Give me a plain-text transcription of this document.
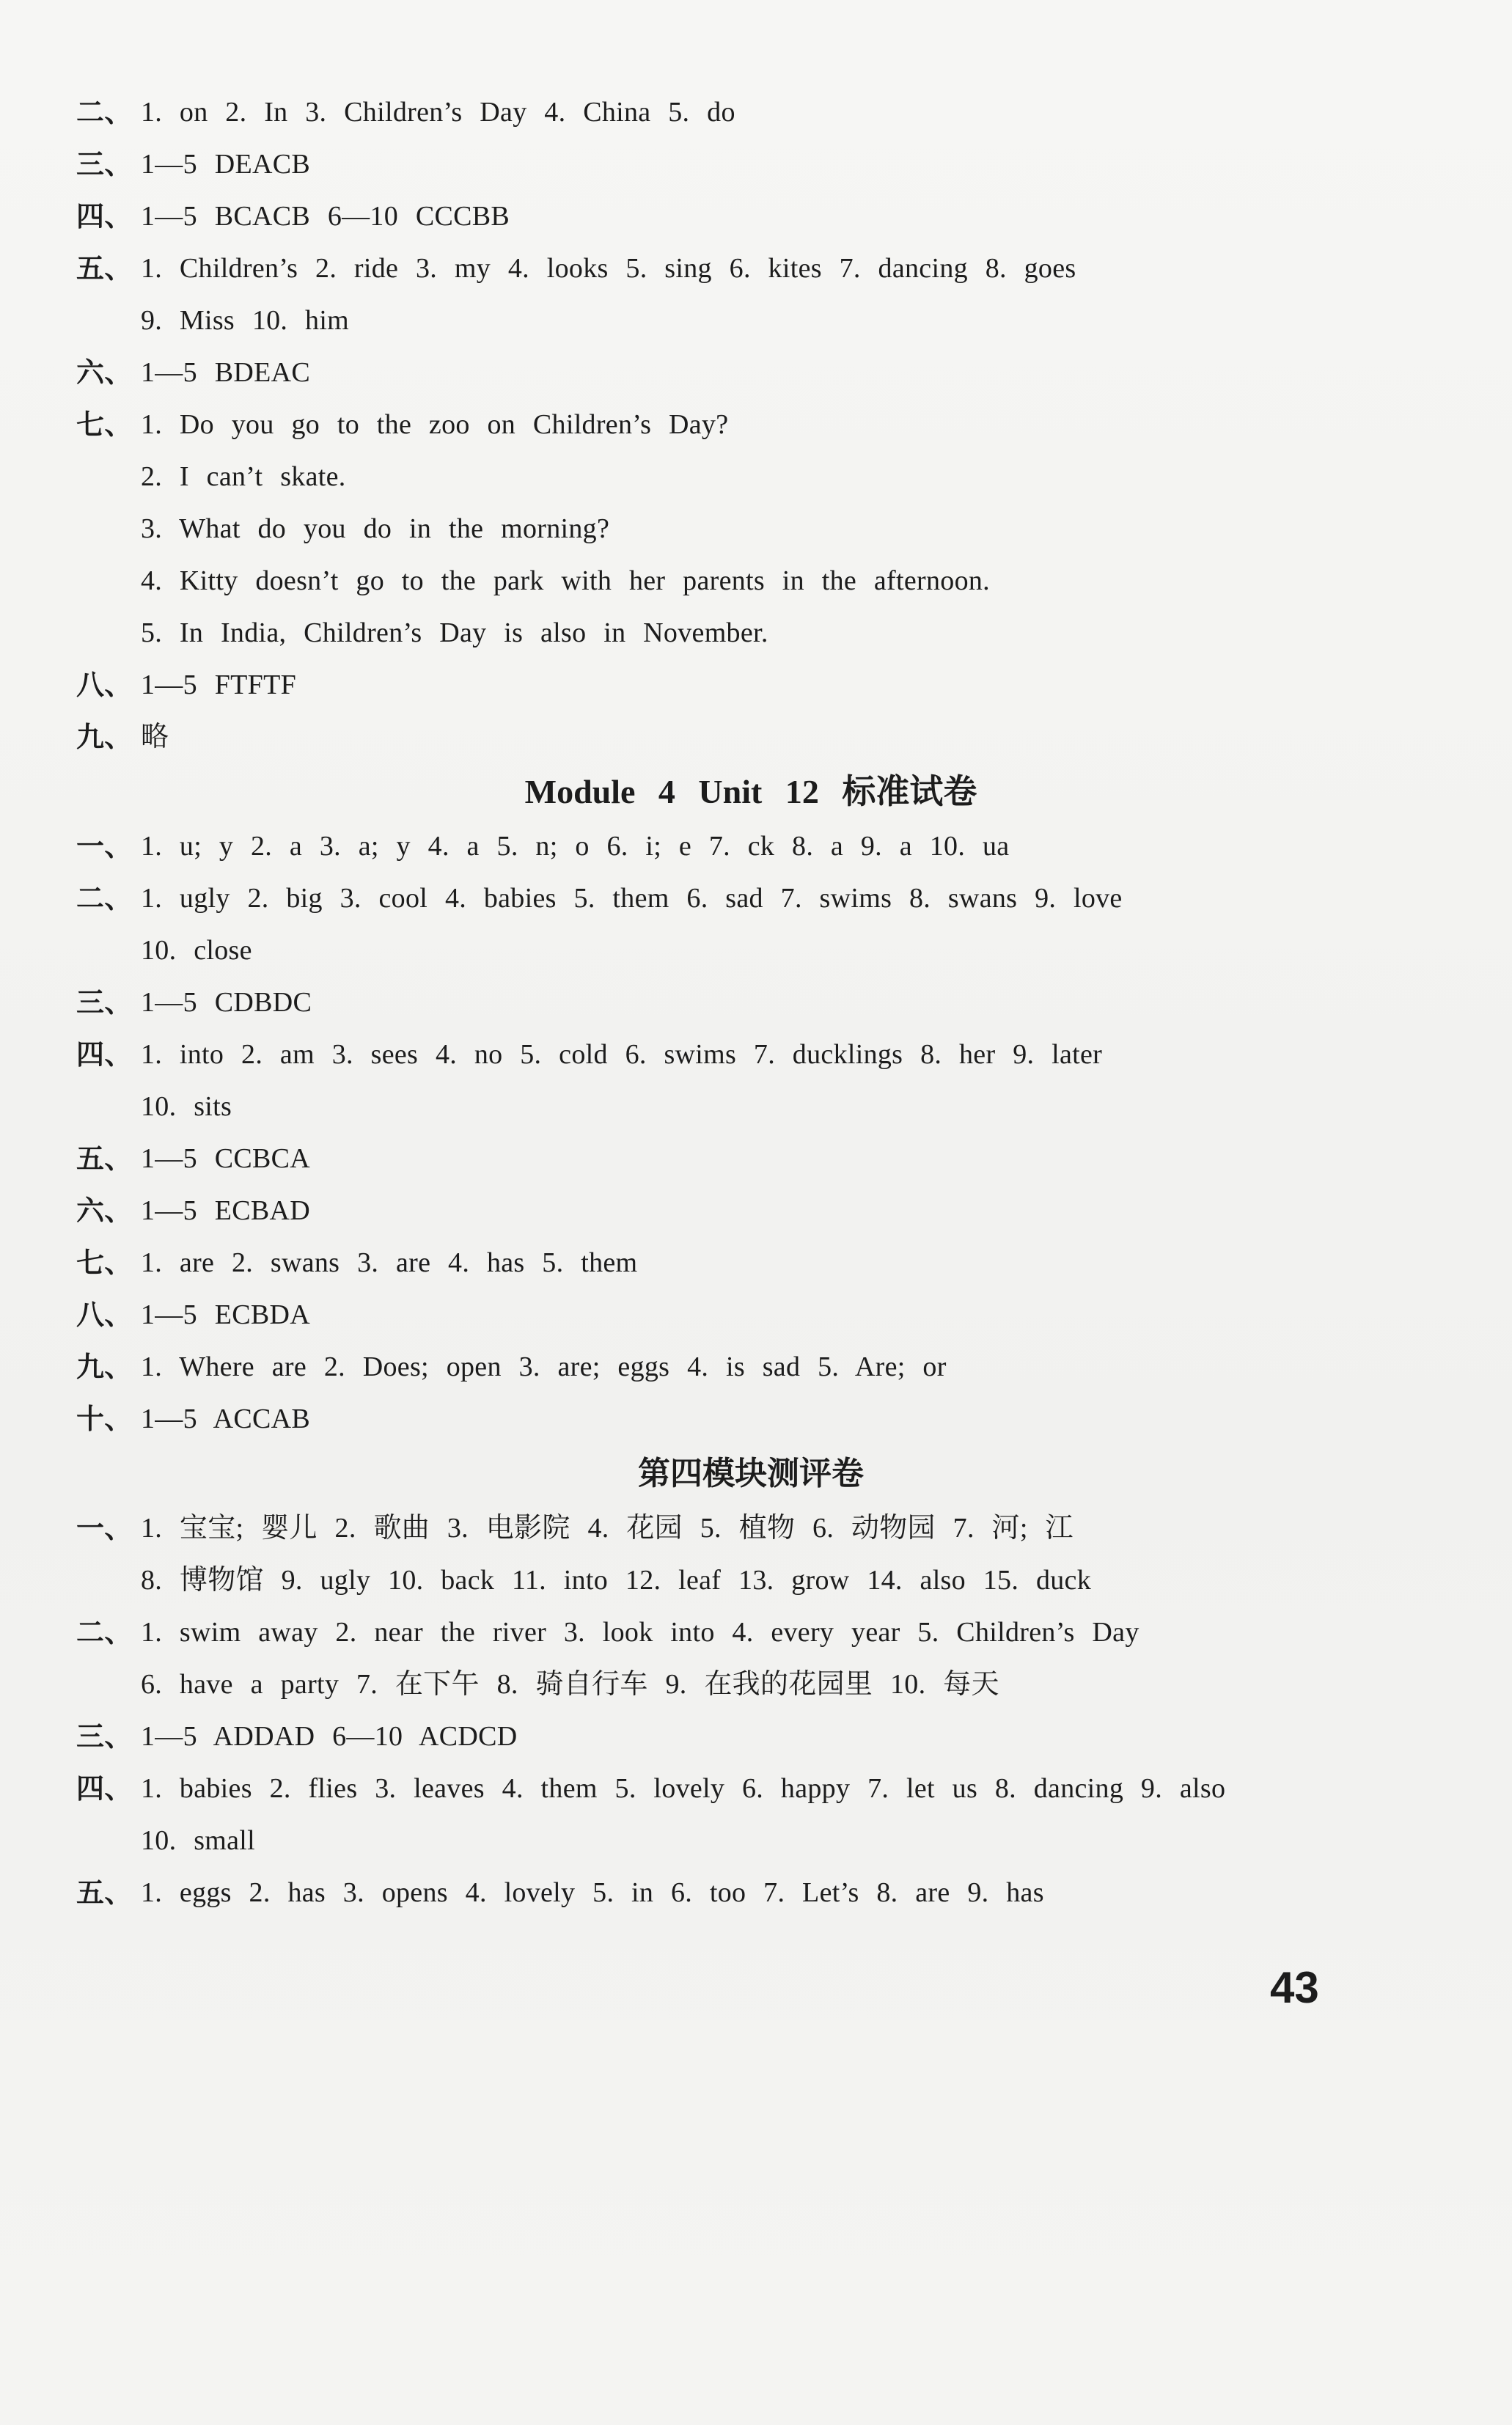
二、 1. on 2. In 3. Children’s Day 4. China 5. do
三、 1—5 DEACB
四、 1—5 BCACB 6—10 CCCBB
五、 1. Children’s 2. ride 3. my 4. looks 5. sing 6. kites 7. dancing 8. goes
9. Miss 10. him
六、 1—5 BDEAC
七、 1. Do you go to the zoo on Children’s Day?
2. I can’t skate.
3. What do you do in the morning?
4. Kitty doesn’t go to the park with her parents in the afternoon.
5. In India, Children’s Day is also in November.
八、 1—5 FTFTF
九、 略
Module 4 Unit 12 标准试卷
一、 1. u; y 2. a 3. a; y 4. a 5. n; o 6. i; e 7. ck 8. a 9. a 10. ua
二、 1. ugly 2. big 3. cool 4. babies 5. them 6. sad 7. swims 8. swans 9. love
10. close
三、 1—5 CDBDC
四、 1. into 2. am 3. sees 4. no 5. cold 6. swims 7. ducklings 8. her 9. later
10. sits
五、 1—5 CCBCA
六、 1—5 ECBAD
七、 1. are 2. swans 3. are 4. has 5. them
八、 1—5 ECBDA
九、 1. Where are 2. Does; open 3. are; eggs 4. is sad 5. Are; or
十、 1—5 ACCAB
第四模块测评卷
一、 1. 宝宝; 婴儿 2. 歌曲 3. 电影院 4. 花园 5. 植物 6. 动物园 7. 河; 江
8. 博物馆 9. ugly 10. back 11. into 12. leaf 13. grow 14. also 15. duck
二、 1. swim away 2. near the river 3. look into 4. every year 5. Children’s Day
6. have a party 7. 在下午 8. 骑自行车 9. 在我的花园里 10. 每天
三、 1—5 ADDAD 6—10 ACDCD
四、 1. babies 2. flies 3. leaves 4. them 5. lovely 6. happy 7. let us 8. dancing 9. also
10. small
五、 1. eggs 2. has 3. opens 4. lovely 5. in 6. too 7. Let’s 8. are 9. has
43
